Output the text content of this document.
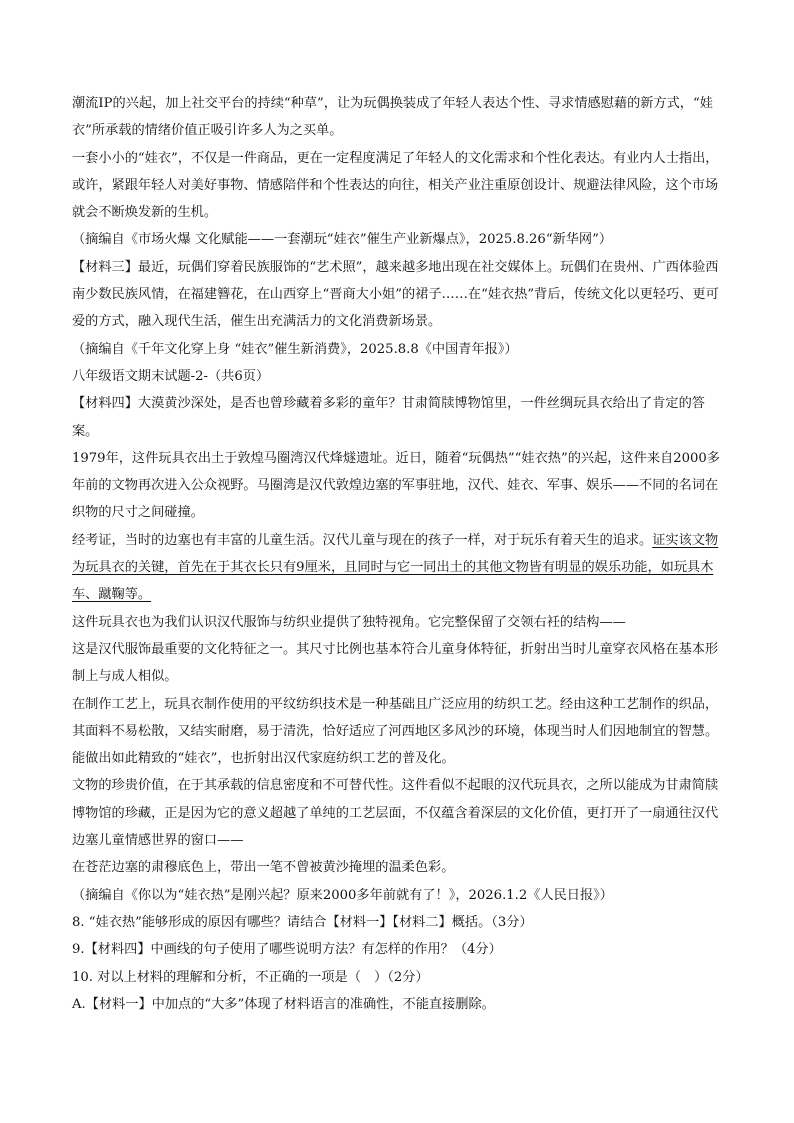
潮流IP的兴起，加上社交平台的持续“种草”，让为玩偶换装成了年轻人表达个性、寻求情感慰藉的新方式，“娃衣”所承载的情绪价值正吸引许多人为之买单。

一套小小的“娃衣”，不仅是一件商品，更在一定程度满足了年轻人的文化需求和个性化表达。有业内人士指出，或许，紧跟年轻人对美好事物、情感陪伴和个性表达的向往，相关产业注重原创设计、规避法律风险，这个市场就会不断焕发新的生机。

（摘编自《市场火爆 文化赋能——一套潮玩“娃衣”催生产业新爆点》，2025.8.26“新华网”）

【材料三】最近，玩偶们穿着民族服饰的“艺术照”，越来越多地出现在社交媒体上。玩偶们在贵州、广西体验西南少数民族风情，在福建簪花，在山西穿上“晋商大小姐”的裙子……在“娃衣热”背后，传统文化以更轻巧、更可爱的方式，融入现代生活，催生出充满活力的文化消费新场景。

（摘编自《千年文化穿上身 “娃衣”催生新消费》，2025.8.8《中国青年报》）

八年级语文期末试题-2-（共6页）

【材料四】大漠黄沙深处，是否也曾珍藏着多彩的童年？甘肃简牍博物馆里，一件丝绸玩具衣给出了肯定的答案。

1979年，这件玩具衣出土于敦煌马圈湾汉代烽燧遗址。近日，随着“玩偶热”“娃衣热”的兴起，这件来自2000多年前的文物再次进入公众视野。马圈湾是汉代敦煌边塞的军事驻地，汉代、娃衣、军事、娱乐——不同的名词在织物的尺寸之间碰撞。

经考证，当时的边塞也有丰富的儿童生活。汉代儿童与现在的孩子一样，对于玩乐有着天生的追求。证实该文物为玩具衣的关键，首先在于其衣长只有9厘米，且同时与它一同出土的其他文物皆有明显的娱乐功能，如玩具木车、蹴鞠等。

这件玩具衣也为我们认识汉代服饰与纺织业提供了独特视角。它完整保留了交领右衽的结构——

这是汉代服饰最重要的文化特征之一。其尺寸比例也基本符合儿童身体特征，折射出当时儿童穿衣风格在基本形制上与成人相似。

在制作工艺上，玩具衣制作使用的平纹纺织技术是一种基础且广泛应用的纺织工艺。经由这种工艺制作的织品，其面料不易松散，又结实耐磨，易于清洗，恰好适应了河西地区多风沙的环境，体现当时人们因地制宜的智慧。能做出如此精致的“娃衣”，也折射出汉代家庭纺织工艺的普及化。

文物的珍贵价值，在于其承载的信息密度和不可替代性。这件看似不起眼的汉代玩具衣，之所以能成为甘肃简牍博物馆的珍藏，正是因为它的意义超越了单纯的工艺层面，不仅蕴含着深层的文化价值，更打开了一扇通往汉代边塞儿童情感世界的窗口——

在苍茫边塞的肃穆底色上，带出一笔不曾被黄沙掩埋的温柔色彩。

（摘编自《你以为“娃衣热”是刚兴起？原来2000多年前就有了！》，2026.1.2《人民日报》）

8. “娃衣热”能够形成的原因有哪些？请结合【材料一】【材料二】概括。（3分）

9.【材料四】中画线的句子使用了哪些说明方法？有怎样的作用？（4分）

10. 对以上材料的理解和分析，不正确的一项是（　）（2分）

A.【材料一】中加点的“大多”体现了材料语言的准确性，不能直接删除。
